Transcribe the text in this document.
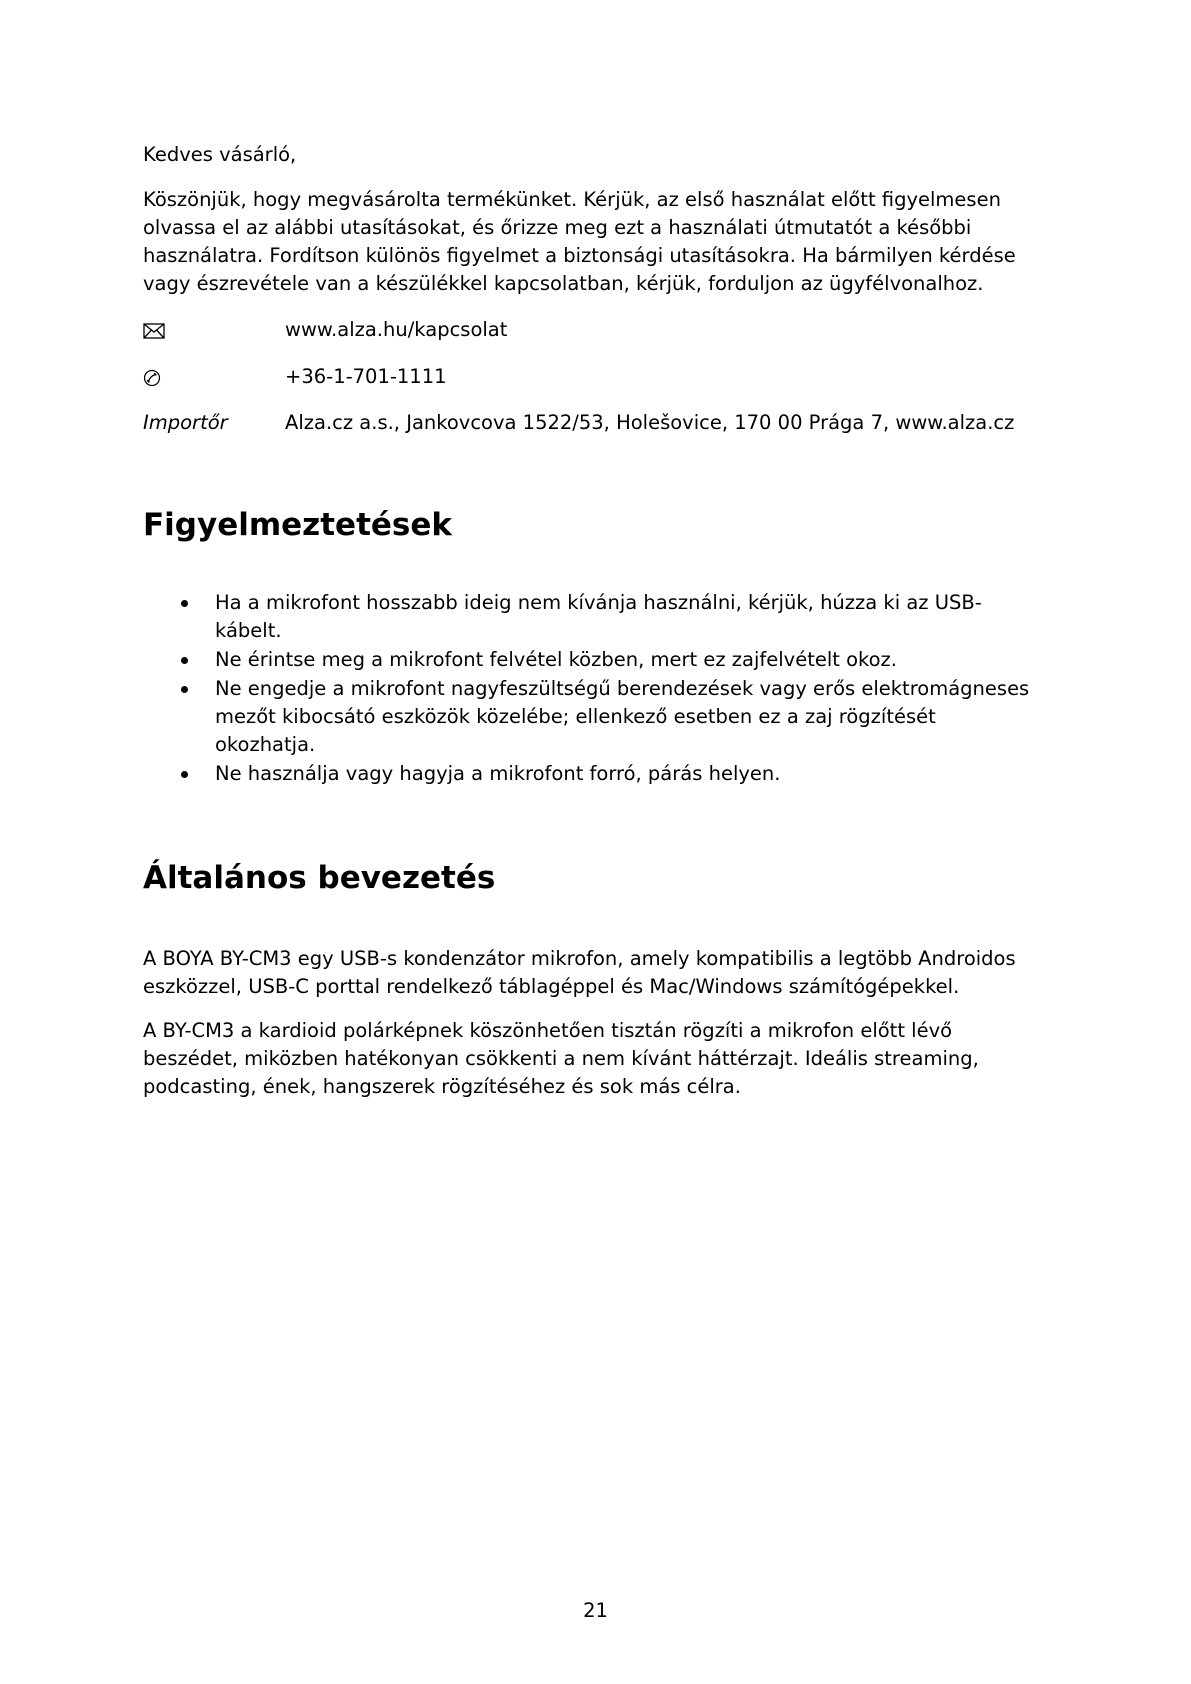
Kedves vásárló,

Köszönjük, hogy megvásárolta termékünket. Kérjük, az első használat előtt figyelmesen
olvassa el az alábbi utasításokat, és őrizze meg ezt a használati útmutatót a későbbi
használatra. Fordítson különös figyelmet a biztonsági utasításokra. Ha bármilyen kérdése
vagy észrevétele van a készülékkel kapcsolatban, kérjük, forduljon az ügyfélvonalhoz.

www.alza.hu/kapcsolat
+36-1-701-1111
Importőr	Alza.cz a.s., Jankovcova 1522/53, Holešovice, 170 00 Prága 7, www.alza.cz
Figyelmeztetések
Ha a mikrofont hosszabb ideig nem kívánja használni, kérjük, húzza ki az USB-
kábelt.
Ne érintse meg a mikrofont felvétel közben, mert ez zajfelvételt okoz.
Ne engedje a mikrofont nagyfeszültségű berendezések vagy erős elektromágneses
mezőt kibocsátó eszközök közelébe; ellenkező esetben ez a zaj rögzítését
okozhatja.
Ne használja vagy hagyja a mikrofont forró, párás helyen.
Általános bevezetés

A BOYA BY-CM3 egy USB-s kondenzátor mikrofon, amely kompatibilis a legtöbb Androidos
eszközzel, USB-C porttal rendelkező táblagéppel és Mac/Windows számítógépekkel.

A BY-CM3 a kardioid polárképnek köszönhetően tisztán rögzíti a mikrofon előtt lévő
beszédet, miközben hatékonyan csökkenti a nem kívánt háttérzajt. Ideális streaming,
podcasting, ének, hangszerek rögzítéséhez és sok más célra.

21
